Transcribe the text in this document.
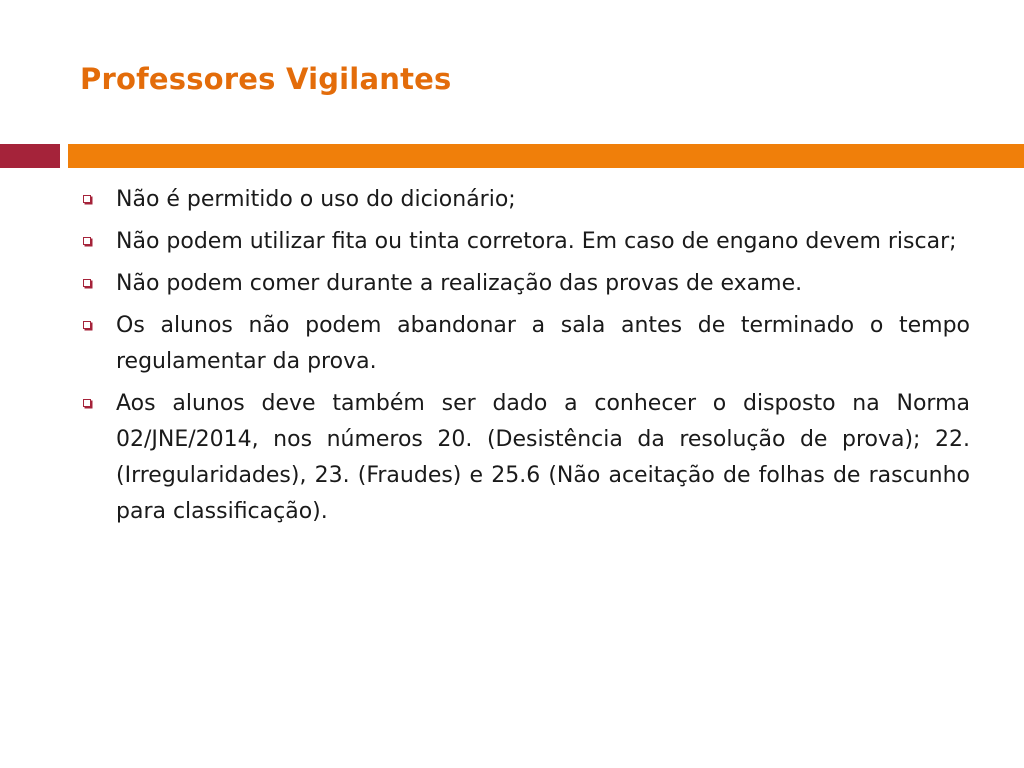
Professores Vigilantes
Não é permitido o uso do dicionário;
Não podem utilizar fita ou tinta corretora. Em caso de engano devem riscar;
Não podem comer durante a realização das provas de exame.
Os alunos não podem abandonar a sala antes de terminado o tempo regulamentar da prova.
Aos alunos deve também ser dado a conhecer o disposto na Norma 02/JNE/2014, nos números 20. (Desistência da resolução de prova); 22. (Irregularidades), 23. (Fraudes) e 25.6 (Não aceitação de folhas de rascunho para classificação).
